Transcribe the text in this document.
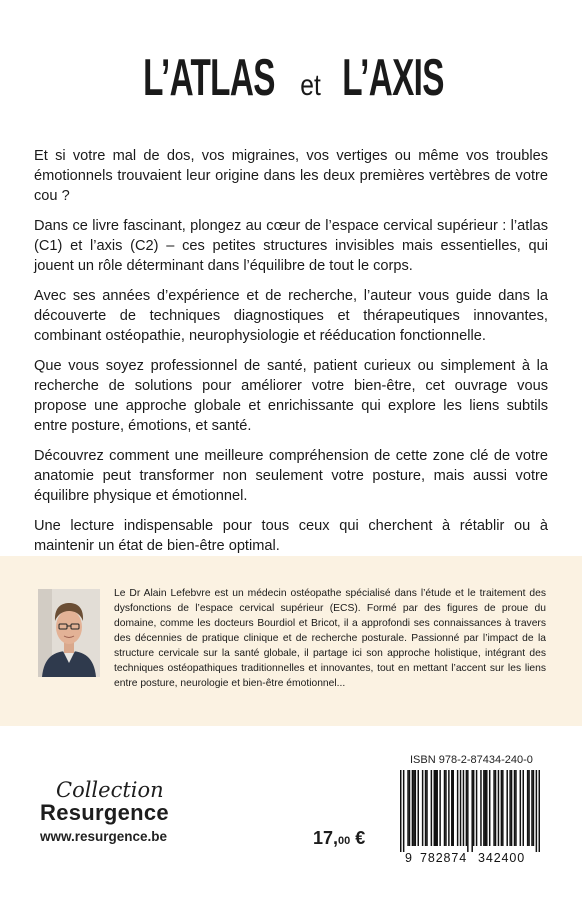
L’ATLAS et L’AXIS

Et si votre mal de dos, vos migraines, vos vertiges ou même vos troubles émotionnels trouvaient leur origine dans les deux premières vertèbres de votre cou ?

Dans ce livre fascinant, plongez au cœur de l’espace cervical supérieur : l’atlas (C1) et l’axis (C2) – ces petites structures invisibles mais essentielles, qui jouent un rôle déterminant dans l’équilibre de tout le corps.

Avec ses années d’expérience et de recherche, l’auteur vous guide dans la découverte de techniques diagnostiques et thérapeutiques innovantes, combinant ostéopathie, neurophysiologie et rééducation fonctionnelle.

Que vous soyez professionnel de santé, patient curieux ou simplement à la recherche de solutions pour améliorer votre bien-être, cet ouvrage vous propose une approche globale et enrichissante qui explore les liens subtils entre posture, émotions, et santé.

Découvrez comment une meilleure compréhension de cette zone clé de votre anatomie peut transformer non seulement votre posture, mais aussi votre équilibre physique et émotionnel.

Une lecture indispensable pour tous ceux qui cherchent à rétablir ou à maintenir un état de bien-être optimal.

Le Dr Alain Lefebvre est un médecin ostéopathe spécialisé dans l’étude et le traitement des dysfonctions de l’espace cervical supérieur (ECS). Formé par des figures de proue du domaine, comme les docteurs Bourdiol et Bricot, il a approfondi ses connaissances à travers des décennies de pratique clinique et de recherche posturale. Passionné par l’impact de la structure cervicale sur la santé globale, il partage ici son approche holistique, intégrant des techniques ostéopathiques traditionnelles et innovantes, tout en mettant l’accent sur les liens entre posture, neurologie et bien-être émotionnel...
Collection
Resurgence
www.resurgence.be	17,00 €
ISBN 978-2-87434-240-0
9 782874 342400
